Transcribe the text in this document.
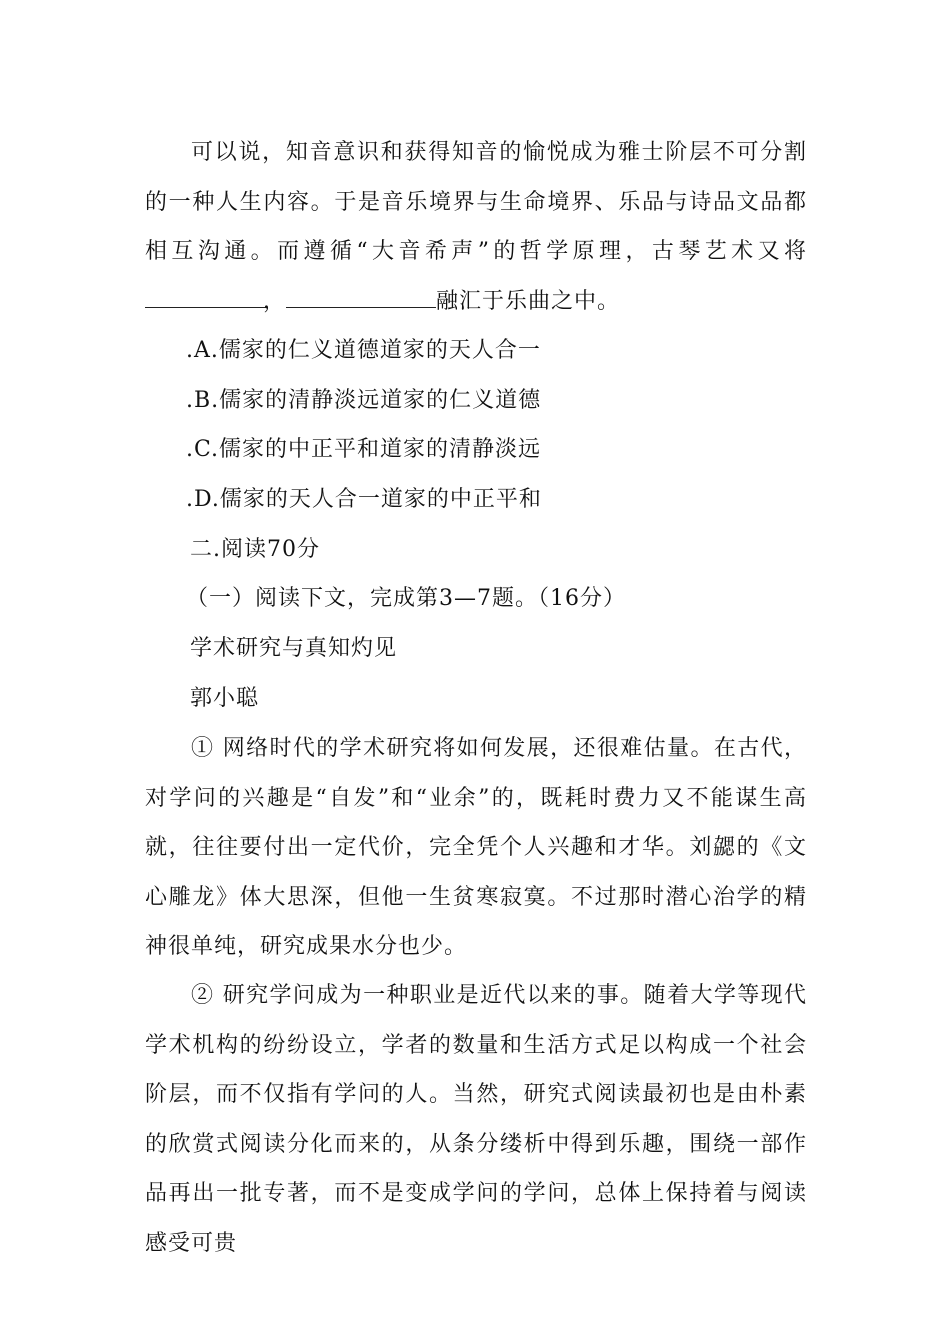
可以说，知音意识和获得知音的愉悦成为雅士阶层不可分割的一种人生内容。于是音乐境界与生命境界、乐品与诗品文品都相互沟通。而遵循“大音希声”的哲学原理，古琴艺术又将，	融汇于乐曲之中。
.A.儒家的仁义道德道家的天人合一
.B.儒家的清静淡远道家的仁义道德
.C.儒家的中正平和道家的清静淡远
.D.儒家的天人合一道家的中正平和
二.阅读70分
（一）阅读下文，完成第3—7题。（16分）
学术研究与真知灼见
郭小聪
① 网络时代的学术研究将如何发展，还很难估量。在古代，对学问的兴趣是“自发”和“业余”的，既耗时费力又不能谋生高就，往往要付出一定代价，完全凭个人兴趣和才华。刘勰的《文心雕龙》体大思深，但他一生贫寒寂寞。不过那时潜心治学的精神很单纯，研究成果水分也少。
② 研究学问成为一种职业是近代以来的事。随着大学等现代学术机构的纷纷设立，学者的数量和生活方式足以构成一个社会阶层，而不仅指有学问的人。当然，研究式阅读最初也是由朴素的欣赏式阅读分化而来的，从条分缕析中得到乐趣，围绕一部作品再出一批专著，而不是变成学问的学问，总体上保持着与阅读感受可贵
